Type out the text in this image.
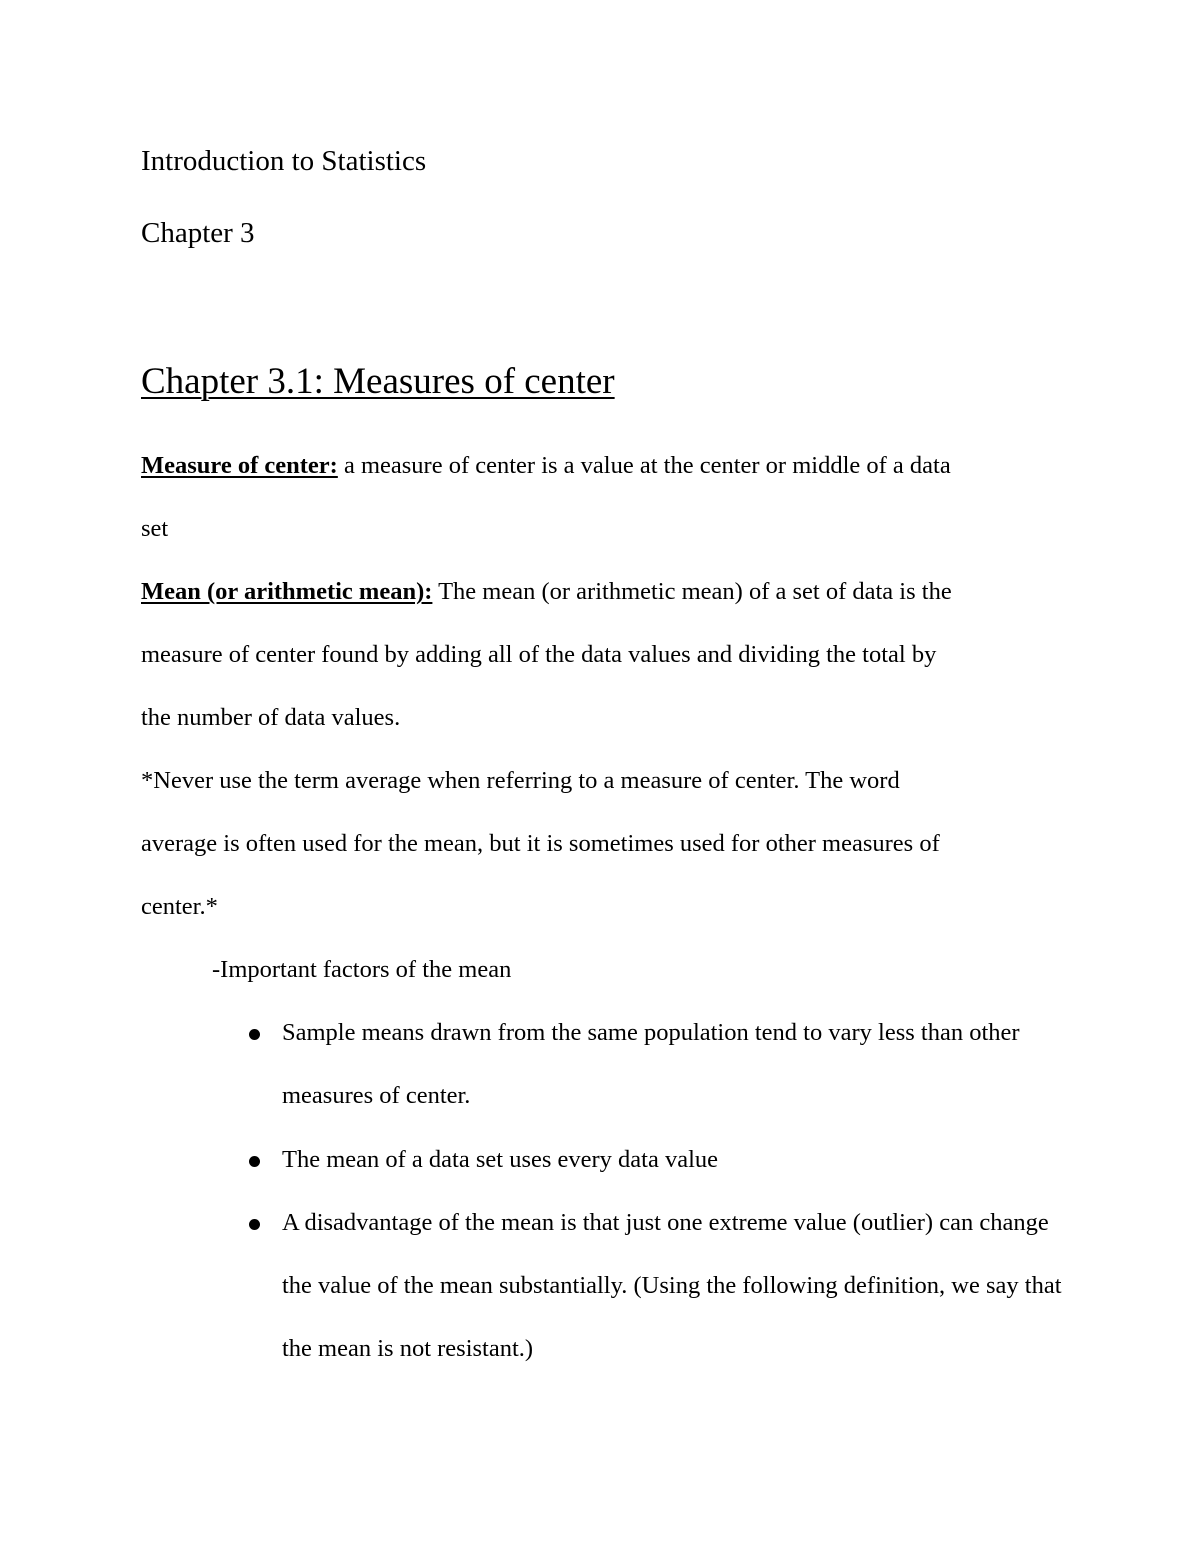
Introduction to Statistics
Chapter 3
Chapter 3.1: Measures of center
Measure of center: a measure of center is a value at the center or middle of a data
set
Mean (or arithmetic mean): The mean (or arithmetic mean) of a set of data is the
measure of center found by adding all of the data values and dividing the total by
the number of data values.
*Never use the term average when referring to a measure of center. The word
average is often used for the mean, but it is sometimes used for other measures of
center.*
-Important factors of the mean
Sample means drawn from the same population tend to vary less than other
measures of center.
The mean of a data set uses every data value
A disadvantage of the mean is that just one extreme value (outlier) can change
the value of the mean substantially. (Using the following definition, we say that
the mean is not resistant.)
